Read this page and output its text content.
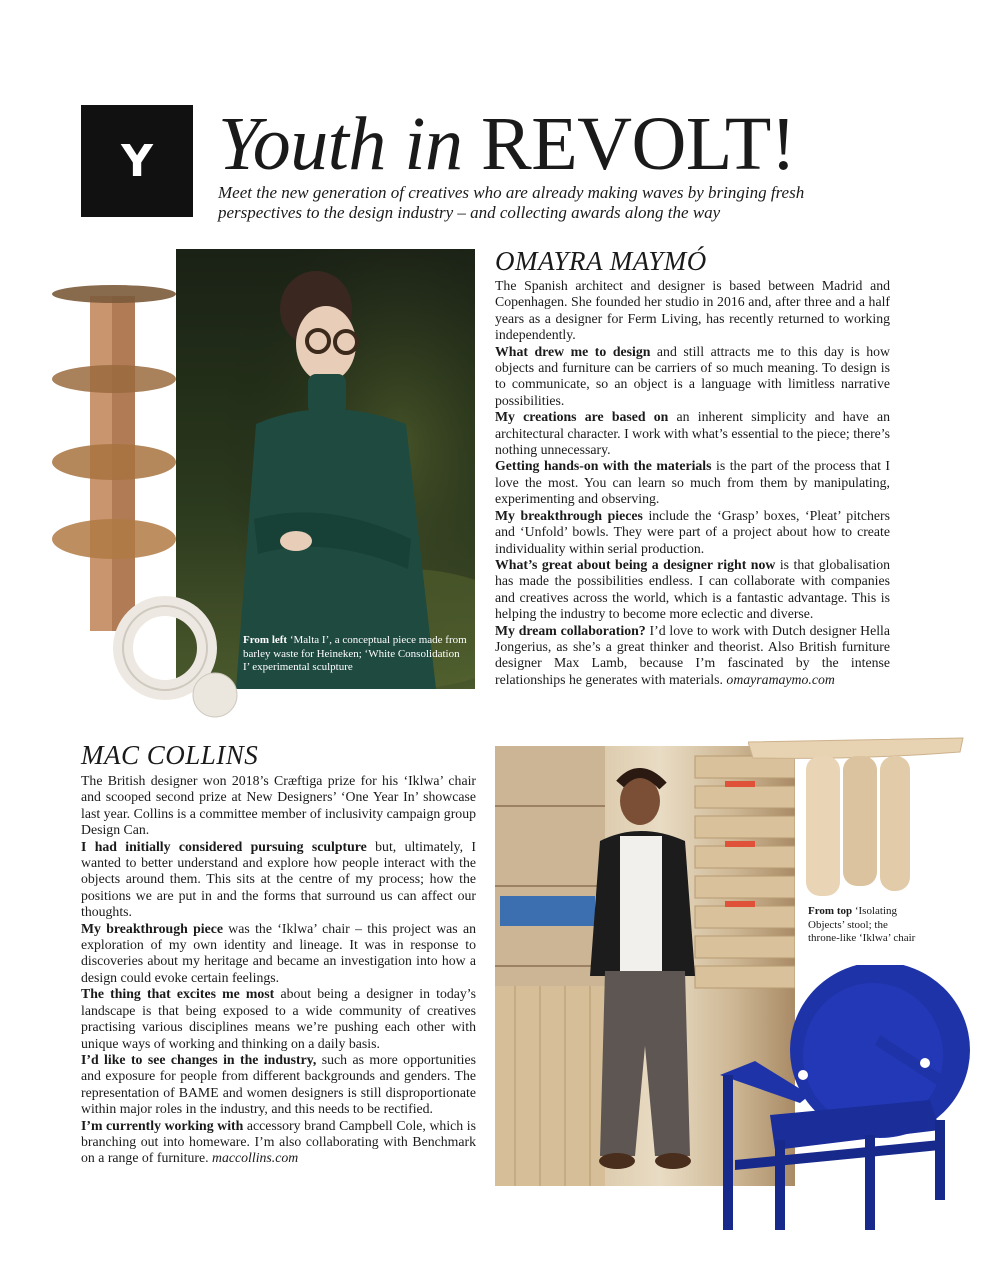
Y Youth in REVOLT!
Meet the new generation of creatives who are already making waves by bringing fresh perspectives to the design industry – and collecting awards along the way
From left ‘Malta I’, a conceptual piece made from barley waste for Heineken; ‘White Consolidation I’ experimental sculpture
OMAYRA MAYMÓ

The Spanish architect and designer is based between Madrid and Copenhagen. She founded her studio in 2016 and, after three and a half years as a designer for Ferm Living, has recently returned to working independently.

What drew me to design and still attracts me to this day is how objects and furniture can be carriers of so much meaning. To design is to communicate, so an object is a language with limitless narrative possibilities.

My creations are based on an inherent simplicity and have an architectural character. I work with what’s essential to the piece; there’s nothing unnecessary.

Getting hands-on with the materials is the part of the process that I love the most. You can learn so much from them by manipulating, experimenting and observing.

My breakthrough pieces include the ‘Grasp’ boxes, ‘Pleat’ pitchers and ‘Unfold’ bowls. They were part of a project about how to create individuality within serial production.

What’s great about being a designer right now is that globalisation has made the possibilities endless. I can collaborate with companies and creatives across the world, which is a fantastic advantage. This is helping the industry to become more eclectic and diverse.

My dream collaboration? I’d love to work with Dutch designer Hella Jongerius, as she’s a great thinker and theorist. Also British furniture designer Max Lamb, because I’m fascinated by the intense relationships he generates with materials. omayramaymo.com

MAC COLLINS

The British designer won 2018’s Cræftiga prize for his ‘Iklwa’ chair and scooped second prize at New Designers’ ‘One Year In’ showcase last year. Collins is a committee member of inclusivity campaign group Design Can.

I had initially considered pursuing sculpture but, ultimately, I wanted to better understand and explore how people interact with the objects around them. This sits at the centre of my process; how the positions we are put in and the forms that surround us can affect our thoughts.

My breakthrough piece was the ‘Iklwa’ chair – this project was an exploration of my own identity and lineage. It was in response to discoveries about my heritage and became an investigation into how a design could evoke certain feelings.

The thing that excites me most about being a designer in today’s landscape is that being exposed to a wide community of creatives practising various disciplines means we’re pushing each other with unique ways of working and thinking on a daily basis.

I’d like to see changes in the industry, such as more opportunities and exposure for people from different backgrounds and genders. The representation of BAME and women designers is still disproportionate within major roles in the industry, and this needs to be rectified.

I’m currently working with accessory brand Campbell Cole, which is branching out into homeware. I’m also collaborating with Benchmark on a range of furniture. maccollins.com

From top ‘Isolating Objects’ stool; the throne-like ‘Iklwa’ chair
